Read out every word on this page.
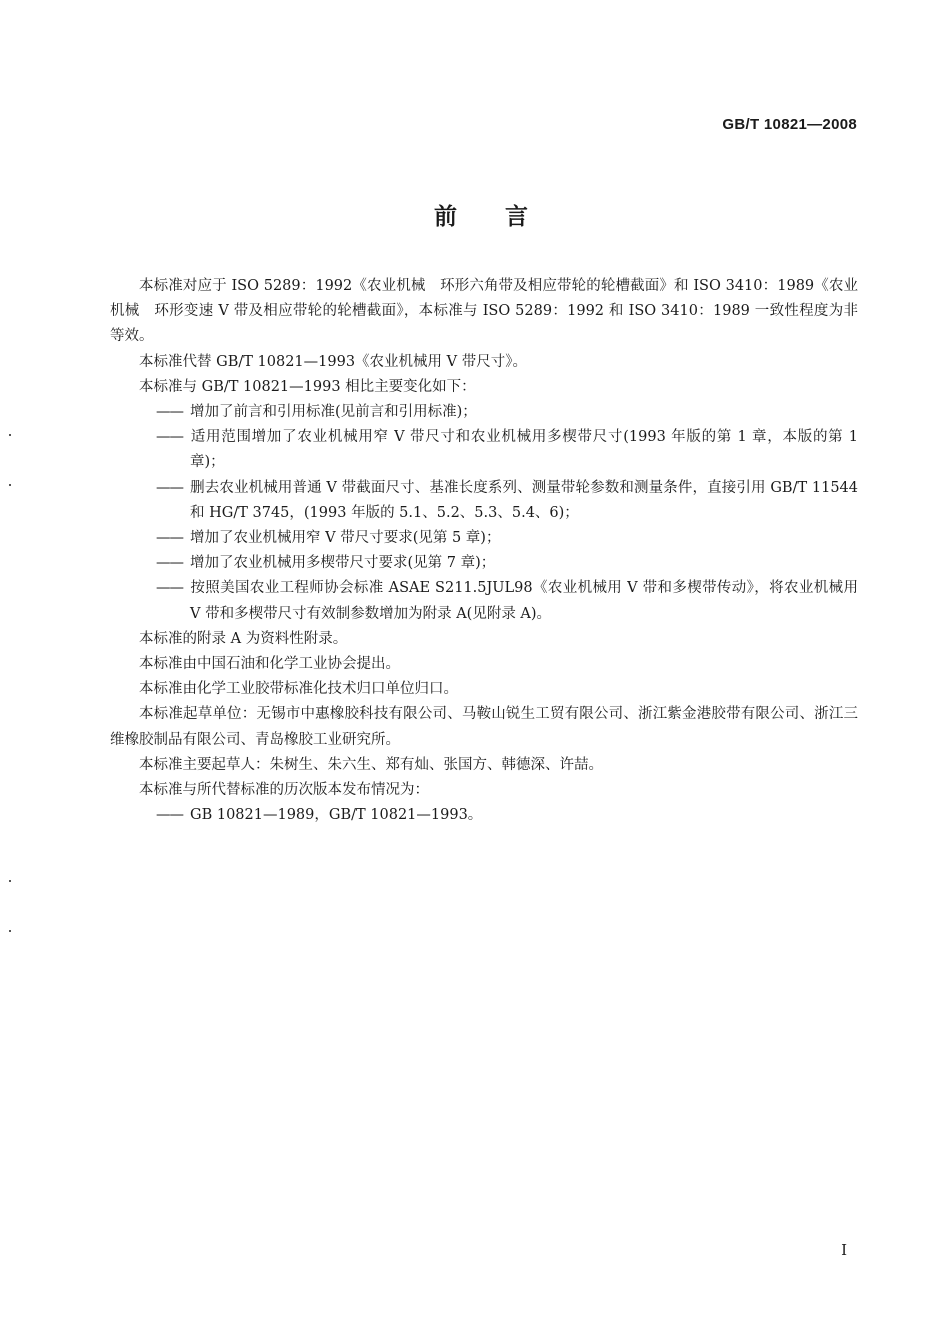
GB/T 10821—2008
前言

本标准对应于 ISO 5289：1992《农业机械　环形六角带及相应带轮的轮槽截面》和 ISO 3410：1989《农业机械　环形变速 V 带及相应带轮的轮槽截面》，本标准与 ISO 5289：1992 和 ISO 3410：1989 一致性程度为非等效。

本标准代替 GB/T 10821—1993《农业机械用 V 带尺寸》。

本标准与 GB/T 10821—1993 相比主要变化如下：

—— 增加了前言和引用标准(见前言和引用标准)；

—— 适用范围增加了农业机械用窄 V 带尺寸和农业机械用多楔带尺寸(1993 年版的第 1 章，本版的第 1 章)；

—— 删去农业机械用普通 V 带截面尺寸、基准长度系列、测量带轮参数和测量条件，直接引用 GB/T 11544 和 HG/T 3745，(1993 年版的 5.1、5.2、5.3、5.4、6)；

—— 增加了农业机械用窄 V 带尺寸要求(见第 5 章)；

—— 增加了农业机械用多楔带尺寸要求(见第 7 章)；

—— 按照美国农业工程师协会标准 ASAE S211.5JUL98《农业机械用 V 带和多楔带传动》，将农业机械用 V 带和多楔带尺寸有效制参数增加为附录 A(见附录 A)。

本标准的附录 A 为资料性附录。

本标准由中国石油和化学工业协会提出。

本标准由化学工业胶带标准化技术归口单位归口。

本标准起草单位：无锡市中惠橡胶科技有限公司、马鞍山锐生工贸有限公司、浙江紫金港胶带有限公司、浙江三维橡胶制品有限公司、青岛橡胶工业研究所。

本标准主要起草人：朱树生、朱六生、郑有灿、张国方、韩德深、许喆。

本标准与所代替标准的历次版本发布情况为：

—— GB 10821—1989，GB/T 10821—1993。

I
